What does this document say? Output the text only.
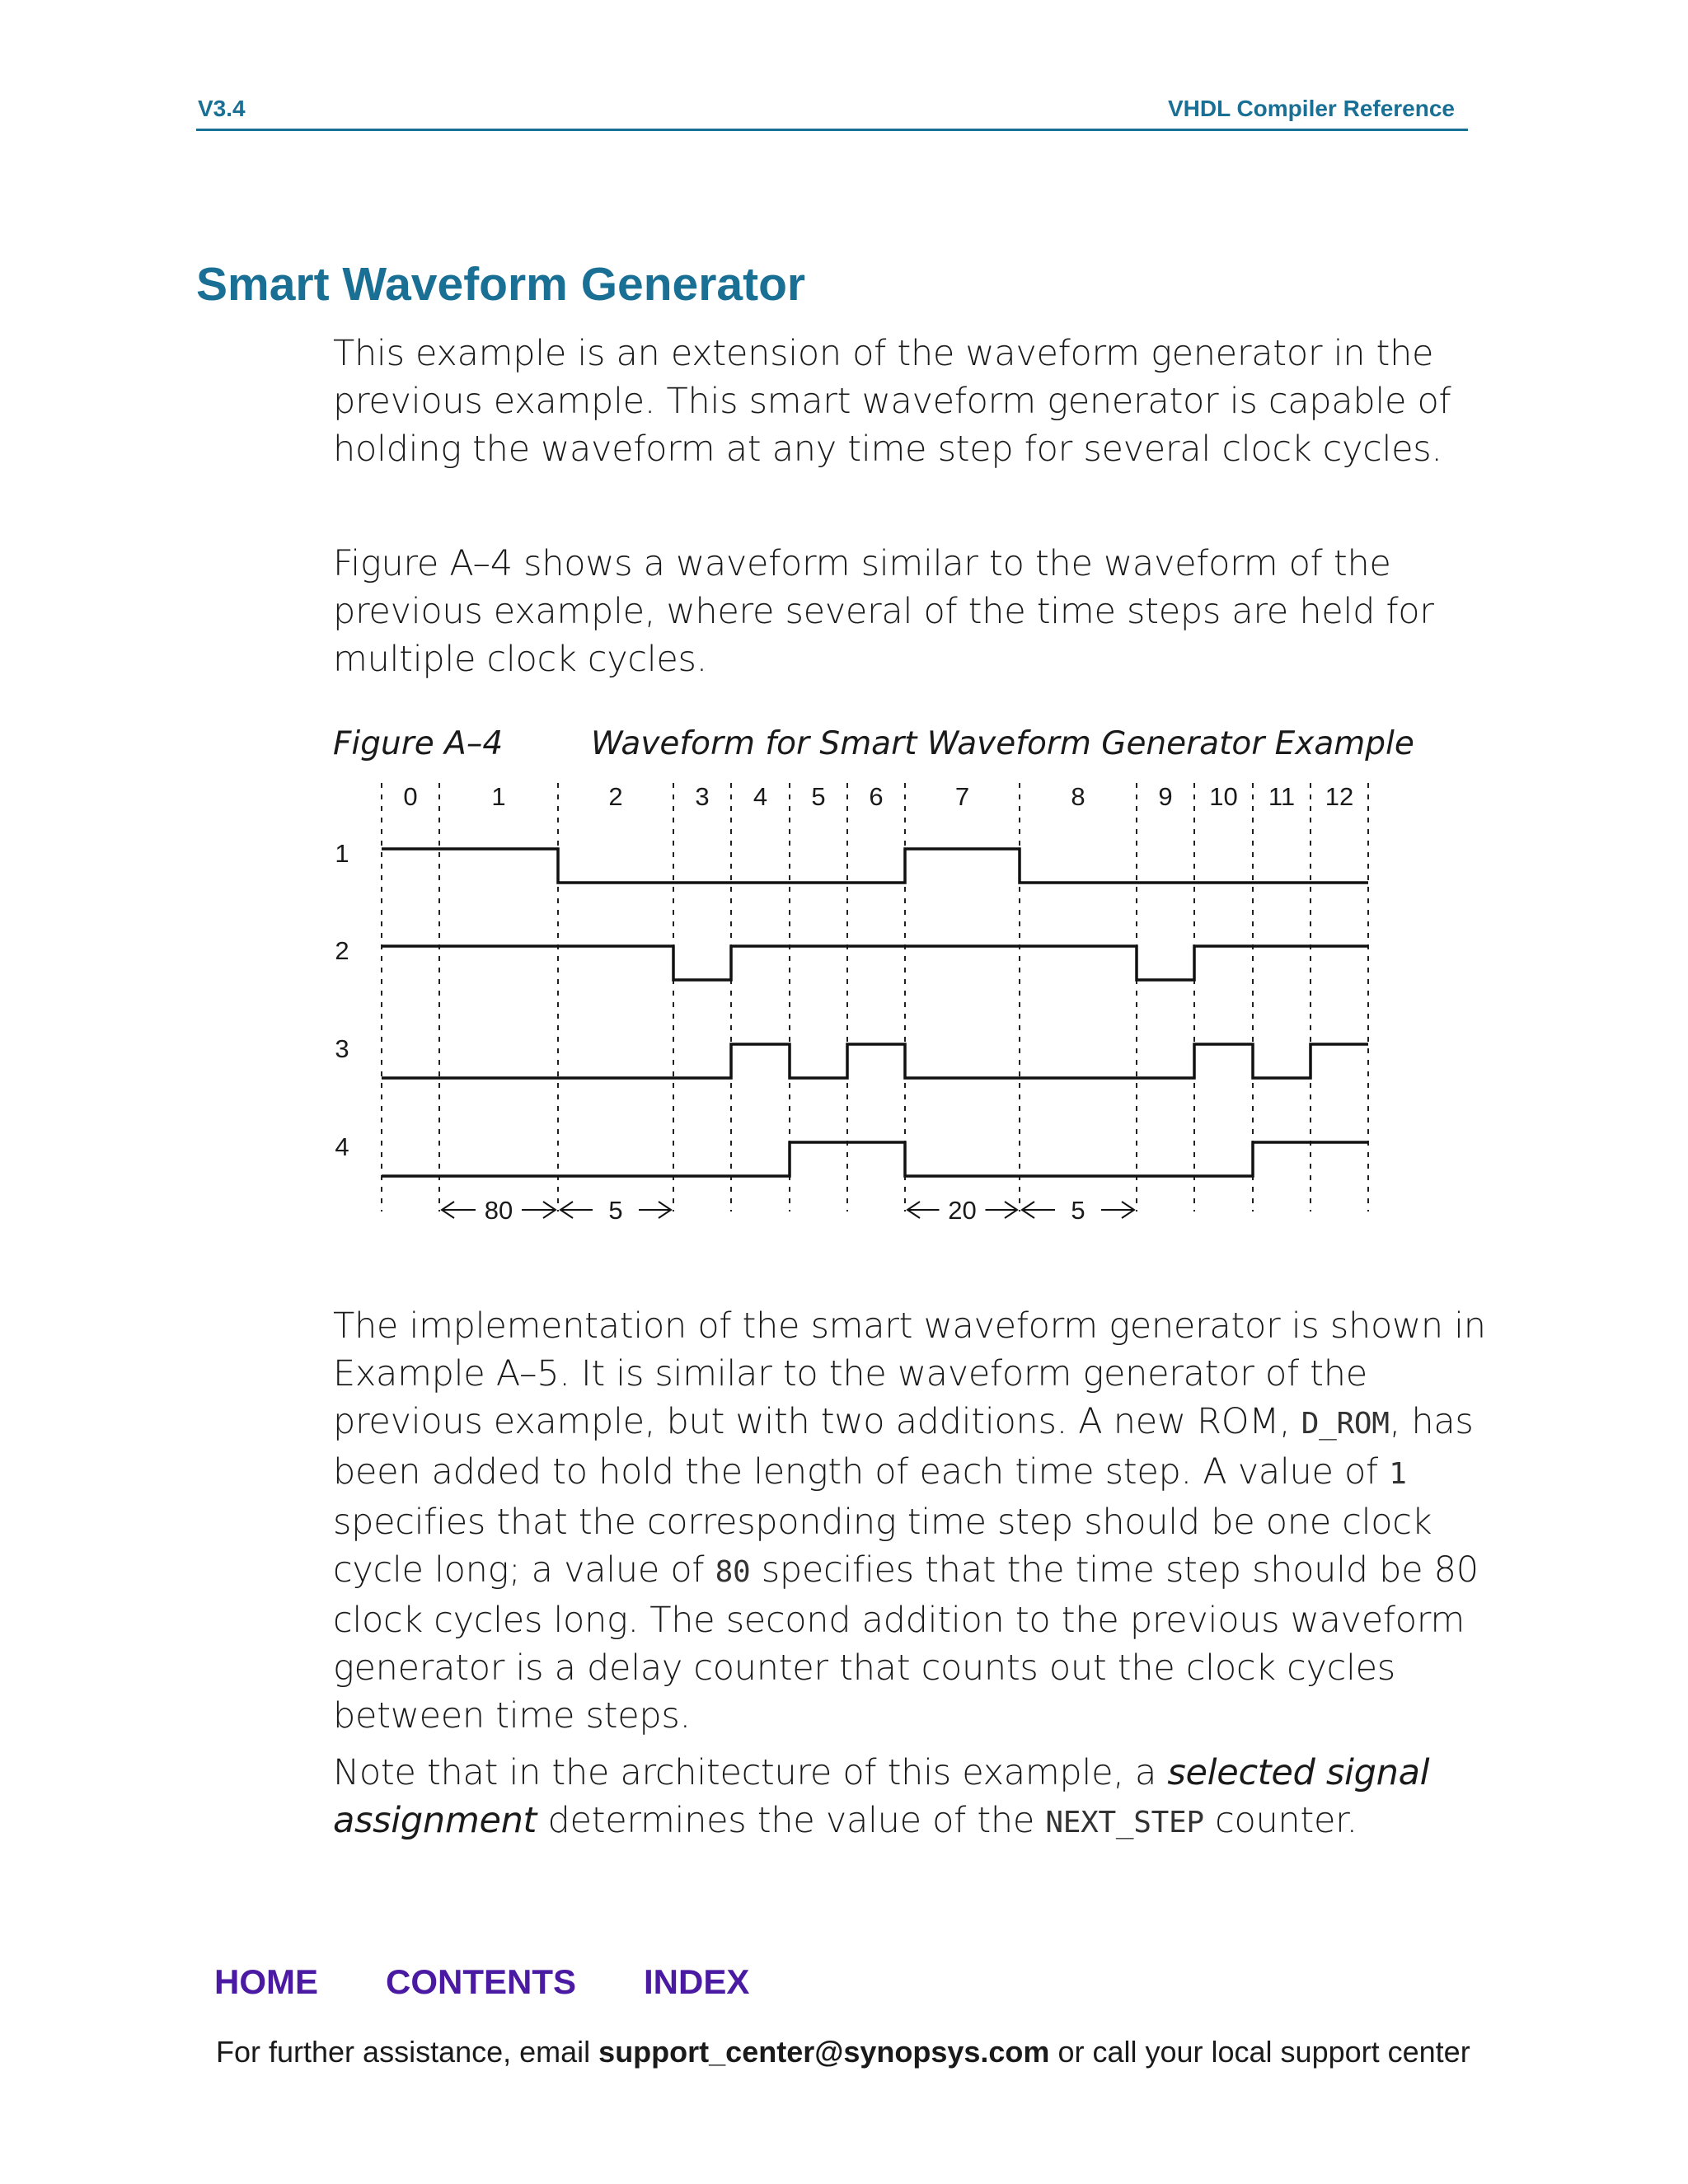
V3.4	VHDL Compiler Reference
Smart Waveform Generator

This example is an extension of the waveform generator in the previous example. This smart waveform generator is capable of holding the waveform at any time step for several clock cycles.

Figure A–4 shows a waveform similar to the waveform of the previous example, where several of the time steps are held for multiple clock cycles.

Figure A–4	Waveform for Smart Waveform Generator Example
0	1	2	3 4 5 6	7	8	9 10 11 12
1
2
3
4
80	5	20	5

The implementation of the smart waveform generator is shown in Example A–5. It is similar to the waveform generator of the previous example, but with two additions. A new ROM, D_ROM, has been added to hold the length of each time step. A value of 1 specifies that the corresponding time step should be one clock cycle long; a value of 80 specifies that the time step should be 80 clock cycles long. The second addition to the previous waveform generator is a delay counter that counts out the clock cycles between time steps.

Note that in the architecture of this example, a selected signal assignment determines the value of the NEXT_STEP counter.

HOME CONTENTS INDEX
For further assistance, email support_center@synopsys.com or call your local support center
